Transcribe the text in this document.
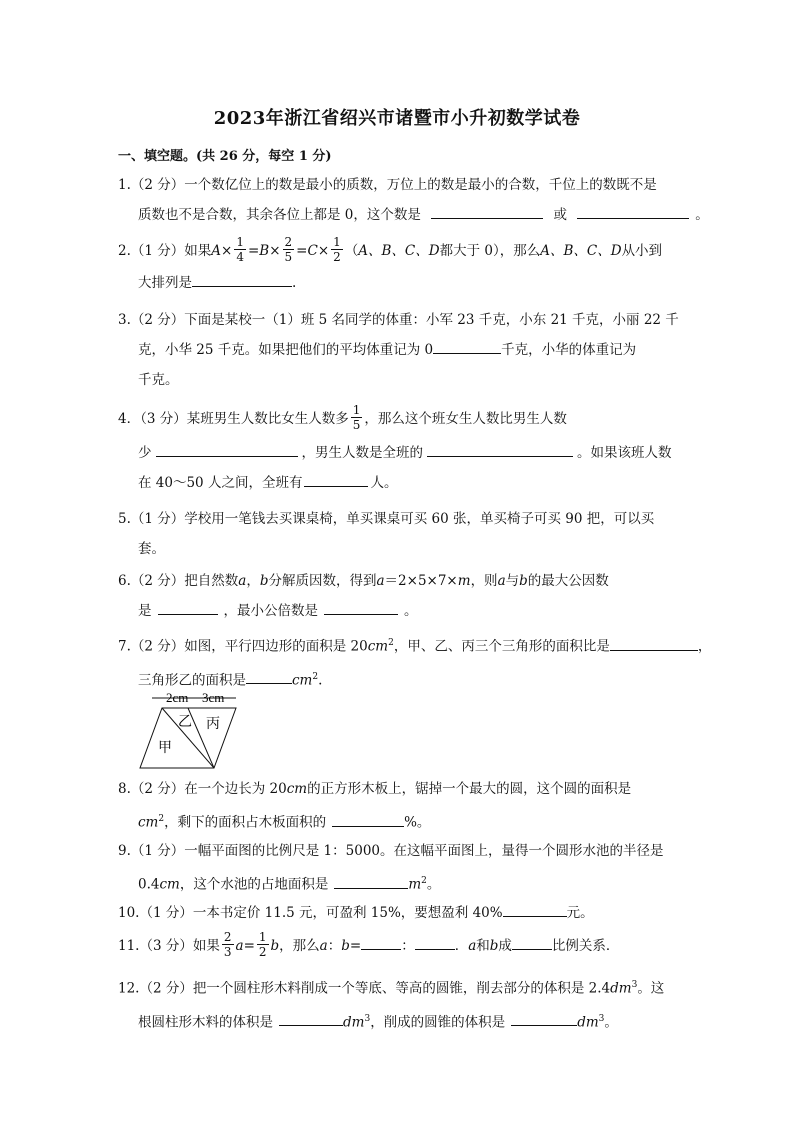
2023年浙江省绍兴市诸暨市小升初数学试卷
一、填空题。(共 26 分，每空 1 分)
1.（2 分）一个数亿位上的数是最小的质数，万位上的数是最小的合数，千位上的数既不是
质数也不是合数，其余各位上都是 0，这个数是	或	。
2.（1 分）如果$A\times \frac{1}{4} =B\times \frac{2}{5} =C\times \frac{1}{2} (A$、B、C、D都大于 0），那么A、B、C、D从小到
大排列是	.
3.（2 分）下面是某校一（1）班 5 名同学的体重：小军 23 千克，小东 21 千克，小丽 22 千
克，小华 25 千克。如果把他们的平均体重记为 0	千克，小华的体重记为
千克。
4．（3 分）某班男生人数比女生人数多 $\frac{1}{5}$ ，那么这个班女生人数比男生人数
少	，男生人数是全班的	。如果该班人数
在 40～50 人之间，全班有	人。
5.（1 分）学校用一笔钱去买课桌椅，单买课桌可买 60 张，单买椅子可买 90 把，可以买
套。
6.（2 分）把自然数a，b分解质因数，得到a＝2×5×7×m，则a与b的最大公因数
是	，最小公倍数是	。
7.（2 分）如图，平行四边形的面积是 $20cm^2$，甲、乙、丙三个三角形的面积比是	，
三角形乙的面积是	$cm^2$.
2cm 3cm
乙 丙
甲
8.（2 分）在一个边长为 20cm的正方形木板上，锯掉一个最大的圆，这个圆的面积是
$cm^2$，剩下的面积占木板面积的	%。
9.（1 分）一幅平面图的比例尺是 1：5000。在这幅平面图上，量得一个圆形水池的半径是
0.4cm，这个水池的占地面积是	$m^2$。
10.（1 分）一本书定价 11.5 元，可盈利 15%，要想盈利 40%	元。
11.（3 分）如果 $\frac{2}{3} a= \frac{1}{2}$ b，那么a：b=	：	．a和b成	比例关系．
12.（2 分）把一个圆柱形木料削成一个等底、等高的圆锥，削去部分的体积是 $2.4dm^3$。这
根圆柱形木料的体积是	$dm^3$，削成的圆锥的体积是	$dm^3$。
